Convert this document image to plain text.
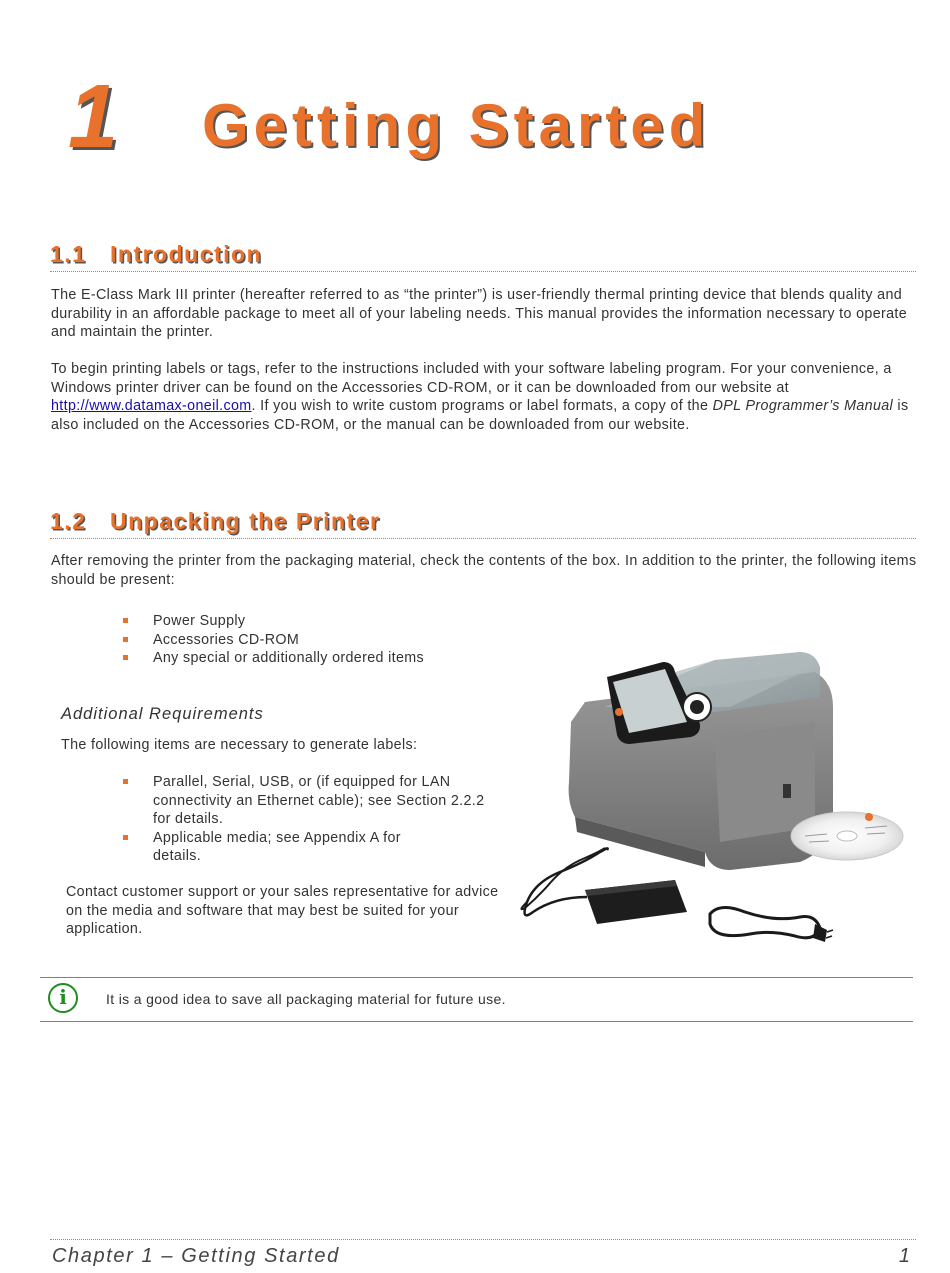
1 Getting Started
1.1 Introduction
The E-Class Mark III printer (hereafter referred to as “the printer”) is user-friendly thermal printing device that blends quality and durability in an affordable package to meet all of your labeling needs. This manual provides the information necessary to operate and maintain the printer.
To begin printing labels or tags, refer to the instructions included with your software labeling program. For your convenience, a Windows printer driver can be found on the Accessories CD-ROM, or it can be downloaded from our website at http://www.datamax-oneil.com. If you wish to write custom programs or label formats, a copy of the DPL Programmer’s Manual is also included on the Accessories CD-ROM, or the manual can be downloaded from our website.
1.2 Unpacking the Printer
After removing the printer from the packaging material, check the contents of the box. In addition to the printer, the following items should be present:
Power Supply
Accessories CD-ROM
Any special or additionally ordered items
Additional Requirements
The following items are necessary to generate labels:
Parallel, Serial, USB, or (if equipped for LAN connectivity an Ethernet cable); see Section 2.2.2 for details.
Applicable media; see Appendix A for details.
Contact customer support or your sales representative for advice on the media and software that may best be suited for your application.
i	It is a good idea to save all packaging material for future use.
Chapter 1 – Getting Started	1
